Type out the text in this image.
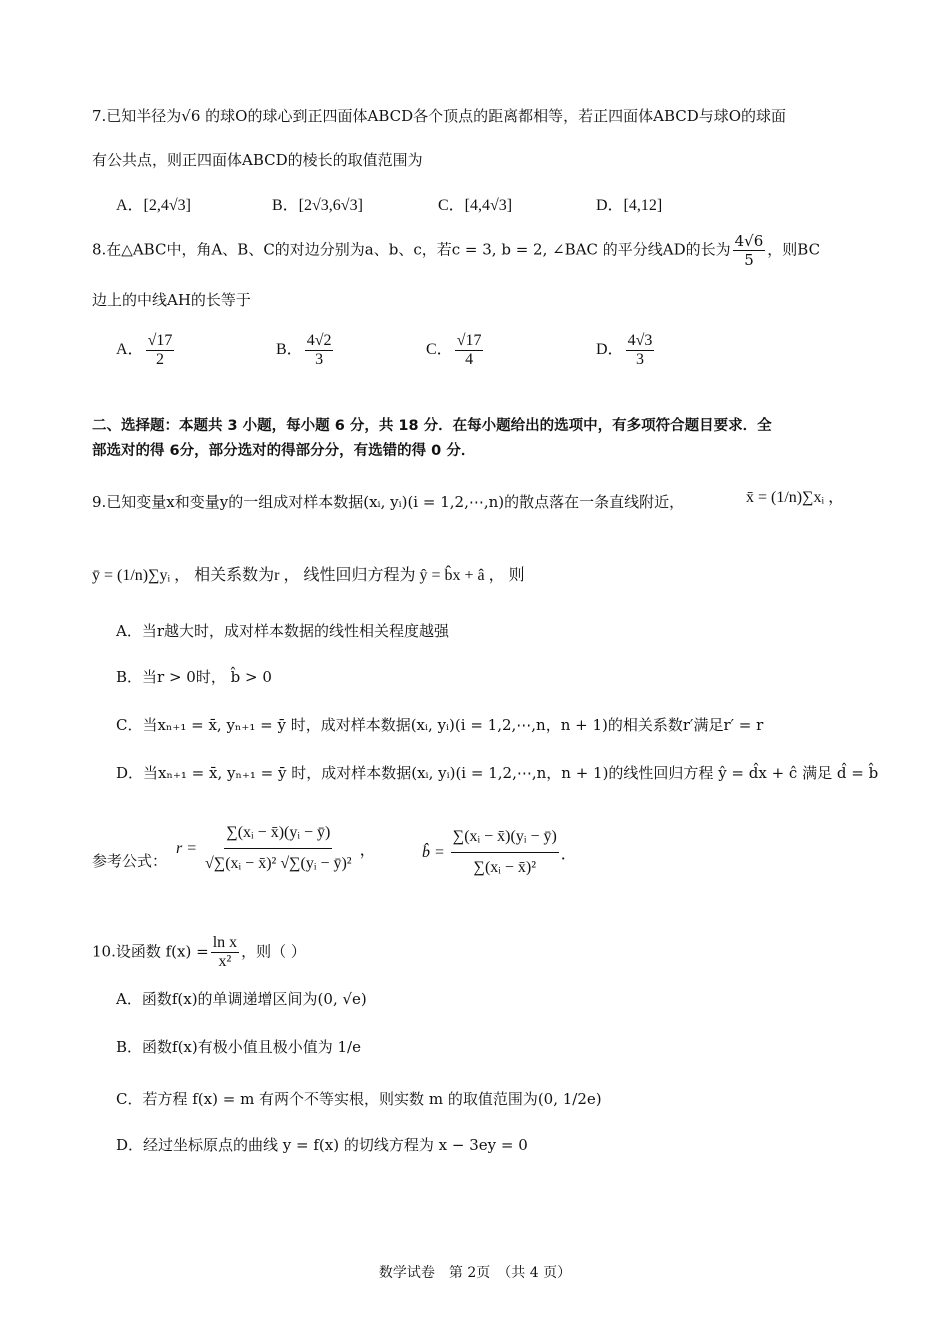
7.已知半径为√6 的球O的球心到正四面体ABCD各个顶点的距离都相等，若正四面体ABCD与球O的球面
有公共点，则正四面体ABCD的棱长的取值范围为
A．[2,4√3]	B．[2√3,6√3]	C．[4,4√3]	D．[4,12]
8.在△ABC中，角A、B、C的对边分别为a、b、c，若c = 3, b = 2, ∠BAC 的平分线AD的长为 $\frac{4√6}{5}$ ，则BC
边上的中线AH的长等于
A． $\frac{√17}{2}$	B． $\frac{4√2}{3}$	C． $\frac{√17}{4}$	D． $\frac{4√3}{3}$
二、选择题：本题共 3 小题，每小题 6 分，共 18 分．在每小题给出的选项中，有多项符合题目要求．全
部选对的得 6分，部分选对的得部分分，有选错的得 0 分．
9.已知变量x和变量y的一组成对样本数据(xᵢ, yᵢ)(i = 1,2,⋯,n)的散点落在一条直线附近，	x̄ = (1/n)∑xᵢ ，
ȳ = (1/n)∑yᵢ ， 相关系数为r ， 线性回归方程为 ŷ = b̂x + â ， 则
A．当r越大时，成对样本数据的线性相关程度越强
B．当r > 0时， b̂ > 0
C．当xₙ₊₁ = x̄, yₙ₊₁ = ȳ 时，成对样本数据(xᵢ, yᵢ)(i = 1,2,⋯,n，n + 1)的相关系数r′满足r′ = r
D．当xₙ₊₁ = x̄, yₙ₊₁ = ȳ 时，成对样本数据(xᵢ, yᵢ)(i = 1,2,⋯,n，n + 1)的线性回归方程 ŷ = d̂x + ĉ 满足 d̂ = b̂
参考公式：
$r = \frac{\text{∑(xᵢ − x̄)(yᵢ − ȳ)}}{\text{√∑(xᵢ − x̄)² √∑(yᵢ − ȳ)²}}$ ，	b̂ = $\frac{\text{∑(xᵢ − x̄)(yᵢ − ȳ)}}{\text{∑(xᵢ − x̄)²}}$ ．
10.设函数 $f(x) = \frac{\text{ln x}}{\text{x²}}$ ，则（ ）
A．函数f(x)的单调递增区间为(0, √e)
B．函数f(x)有极小值且极小值为 1/e
C．若方程 f(x) = m 有两个不等实根，则实数 m 的取值范围为(0, 1/2e)
D．经过坐标原点的曲线 y = f(x) 的切线方程为 x − 3ey = 0
数学试卷　第 2页　（共 4 页）
